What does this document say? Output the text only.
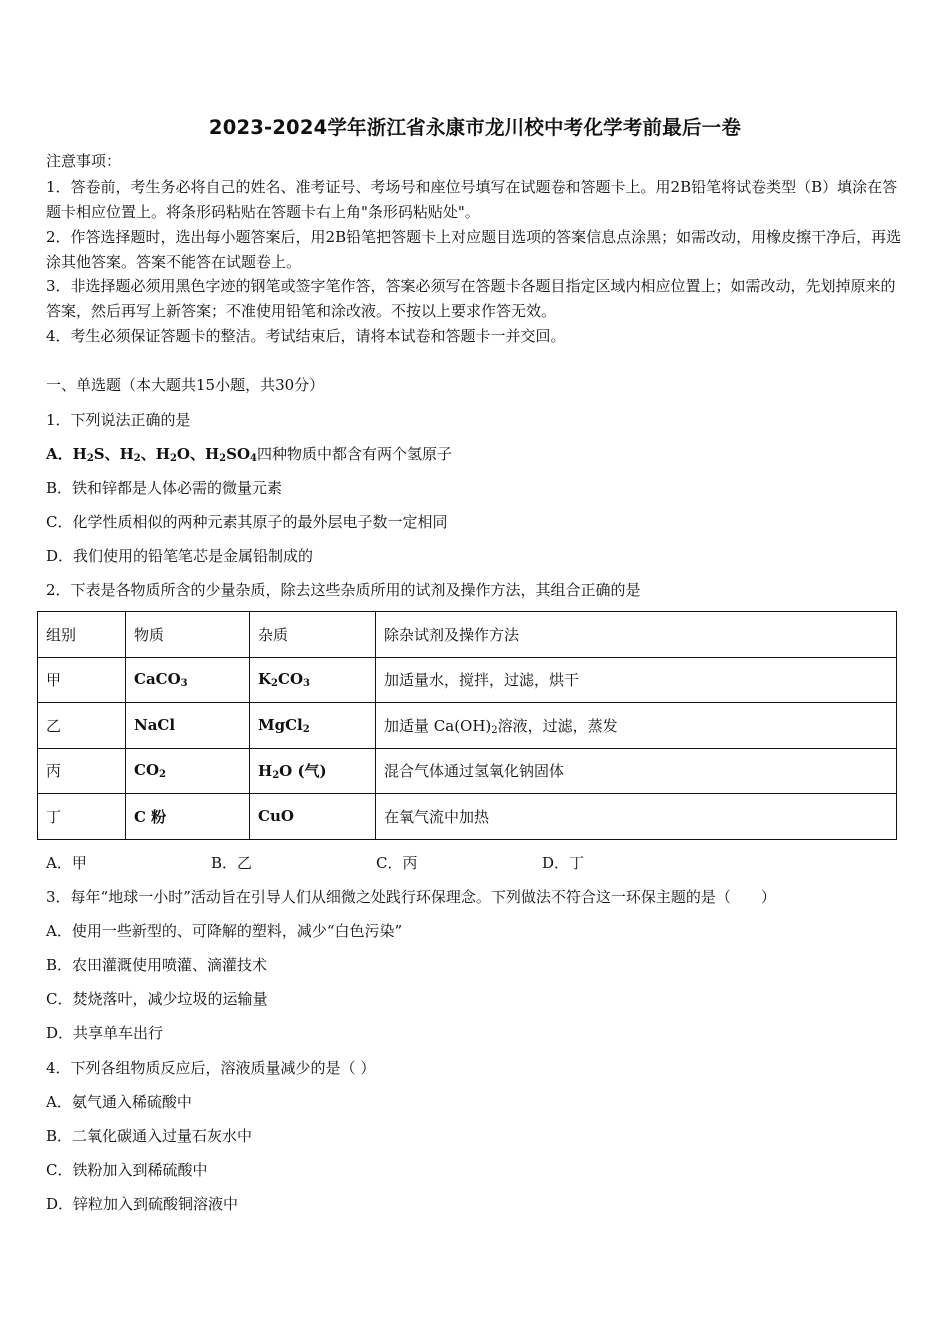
2023-2024学年浙江省永康市龙川校中考化学考前最后一卷
注意事项：
1．答卷前，考生务必将自己的姓名、准考证号、考场号和座位号填写在试题卷和答题卡上。用2B铅笔将试卷类型（B）填涂在答题卡相应位置上。将条形码粘贴在答题卡右上角"条形码粘贴处"。
2．作答选择题时，选出每小题答案后，用2B铅笔把答题卡上对应题目选项的答案信息点涂黑；如需改动，用橡皮擦干净后，再选涂其他答案。答案不能答在试题卷上。
3．非选择题必须用黑色字迹的钢笔或签字笔作答，答案必须写在答题卡各题目指定区域内相应位置上；如需改动，先划掉原来的答案，然后再写上新答案；不准使用铅笔和涂改液。不按以上要求作答无效。
4．考生必须保证答题卡的整洁。考试结束后，请将本试卷和答题卡一并交回。
一、单选题（本大题共15小题，共30分）
1．下列说法正确的是
A．$H_2S$、$H_2$、$H_2O$、$H_2SO_4$四种物质中都含有两个氢原子
B．铁和锌都是人体必需的微量元素
C．化学性质相似的两种元素其原子的最外层电子数一定相同
D．我们使用的铅笔笔芯是金属铅制成的
2．下表是各物质所含的少量杂质，除去这些杂质所用的试剂及操作方法，其组合正确的是
组别	物质	杂质	除杂试剂及操作方法
甲	CaCO$_3$	$K_2CO_3$	加适量水，搅拌，过滤，烘干
乙	NaCl	MgCl$_2$	加适量 $Ca(OH)_2$溶液，过滤，蒸发
丙	$CO_2$	$H_2O$ (气)	混合气体通过氢氧化钠固体
丁	C 粉	CuO	在氧气流中加热
A．甲	B．乙	C．丙	D．丁
3．每年“地球一小时”活动旨在引导人们从细微之处践行环保理念。下列做法不符合这一环保主题的是（　　）
A．使用一些新型的、可降解的塑料，减少“白色污染”
B．农田灌溉使用喷灌、滴灌技术
C．焚烧落叶，减少垃圾的运输量
D．共享单车出行
4．下列各组物质反应后，溶液质量减少的是（ ）
A．氨气通入稀硫酸中
B．二氧化碳通入过量石灰水中
C．铁粉加入到稀硫酸中
D．锌粒加入到硫酸铜溶液中
